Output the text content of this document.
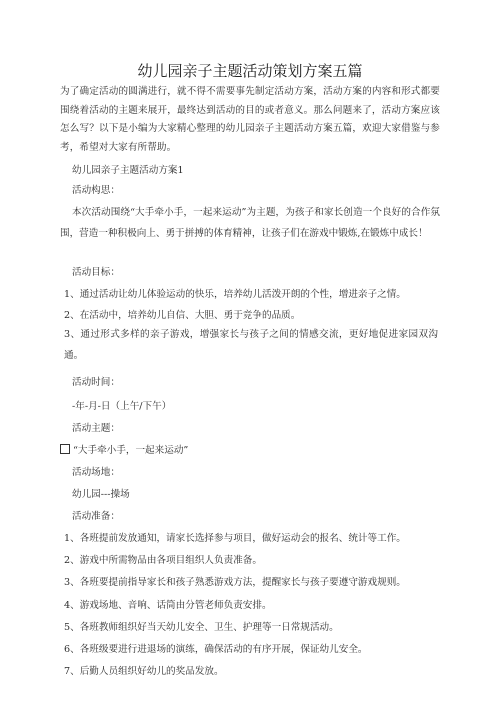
幼儿园亲子主题活动策划方案五篇

为了确定活动的圆满进行，就不得不需要事先制定活动方案，活动方案的内容和形式都要围绕着活动的主题来展开，最终达到活动的目的或者意义。那么问题来了，活动方案应该怎么写？以下是小编为大家精心整理的幼儿园亲子主题活动方案五篇，欢迎大家借鉴与参考，希望对大家有所帮助。

幼儿园亲子主题活动方案1

活动构思：

本次活动围绕“大手牵小手，一起来运动”为主题，为孩子和家长创造一个良好的合作氛围，营造一种积极向上、勇于拼搏的体育精神，让孩子们在游戏中锻炼,在锻炼中成长！

活动目标：

1、通过活动让幼儿体验运动的快乐，培养幼儿活泼开朗的个性，增进亲子之情。

2、在活动中，培养幼儿自信、大胆、勇于竞争的品质。

3、通过形式多样的亲子游戏，增强家长与孩子之间的情感交流，更好地促进家园双沟通。

活动时间：

-年-月-日（上午/下午）

活动主题：

“大手牵小手，一起来运动”

活动场地：

幼儿园---操场

活动准备：

1、各班提前发放通知，请家长选择参与项目，做好运动会的报名、统计等工作。

2、游戏中所需物品由各项目组织人负责准备。

3、各班要提前指导家长和孩子熟悉游戏方法，提醒家长与孩子要遵守游戏规则。

4、游戏场地、音响、话筒由分管老师负责安排。

5、各班教师组织好当天幼儿安全、卫生、护理等一日常规活动。

6、各班级要进行进退场的演练，确保活动的有序开展，保证幼儿安全。

7、后勤人员组织好幼儿的奖品发放。
